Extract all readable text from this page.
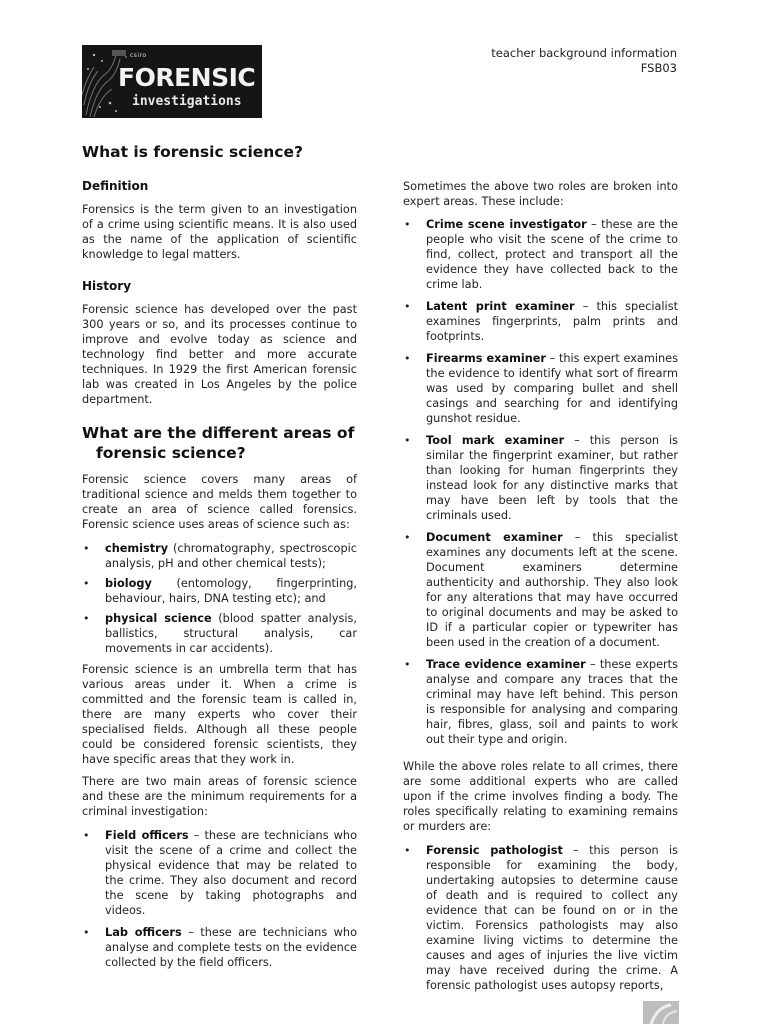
csiro
FORENSIC
investigations
teacher background information
FSB03
What is forensic science?
Definition

Forensics is the term given to an investigation of a crime using scientific means. It is also used as the name of the application of scientific knowledge to legal matters.

History

Forensic science has developed over the past 300 years or so, and its processes continue to improve and evolve today as science and technology find better and more accurate techniques. In 1929 the first American forensic lab was created in Los Angeles by the police department.

What are the different areas of
forensic science?

Forensic science covers many areas of traditional science and melds them together to create an area of science called forensics. Forensic science uses areas of science such as:

• chemistry (chromatography, spectroscopic analysis, pH and other chemical tests);
• biology (entomology, fingerprinting, behaviour, hairs, DNA testing etc); and
• physical science (blood spatter analysis, ballistics, structural analysis, car movements in car accidents).

Forensic science is an umbrella term that has various areas under it. When a crime is committed and the forensic team is called in, there are many experts who cover their specialised fields. Although all these people could be considered forensic scientists, they have specific areas that they work in.

There are two main areas of forensic science and these are the minimum requirements for a criminal investigation:

• Field officers – these are technicians who visit the scene of a crime and collect the physical evidence that may be related to the crime. They also document and record the scene by taking photographs and videos.
• Lab officers – these are technicians who analyse and complete tests on the evidence collected by the field officers.

Sometimes the above two roles are broken into expert areas. These include:

• Crime scene investigator – these are the people who visit the scene of the crime to find, collect, protect and transport all the evidence they have collected back to the crime lab.
• Latent print examiner – this specialist examines fingerprints, palm prints and footprints.
• Firearms examiner – this expert examines the evidence to identify what sort of firearm was used by comparing bullet and shell casings and searching for and identifying gunshot residue.
• Tool mark examiner – this person is similar the fingerprint examiner, but rather than looking for human fingerprints they instead look for any distinctive marks that may have been left by tools that the criminals used.
• Document examiner – this specialist examines any documents left at the scene. Document examiners determine authenticity and authorship. They also look for any alterations that may have occurred to original documents and may be asked to ID if a particular copier or typewriter has been used in the creation of a document.
• Trace evidence examiner – these experts analyse and compare any traces that the criminal may have left behind. This person is responsible for analysing and comparing hair, fibres, glass, soil and paints to work out their type and origin.

While the above roles relate to all crimes, there are some additional experts who are called upon if the crime involves finding a body. The roles specifically relating to examining remains or murders are:

• Forensic pathologist – this person is responsible for examining the body, undertaking autopsies to determine cause of death and is required to collect any evidence that can be found on or in the victim. Forensics pathologists may also examine living victims to determine the causes and ages of injuries the live victim may have received during the crime. A forensic pathologist uses autopsy reports,
